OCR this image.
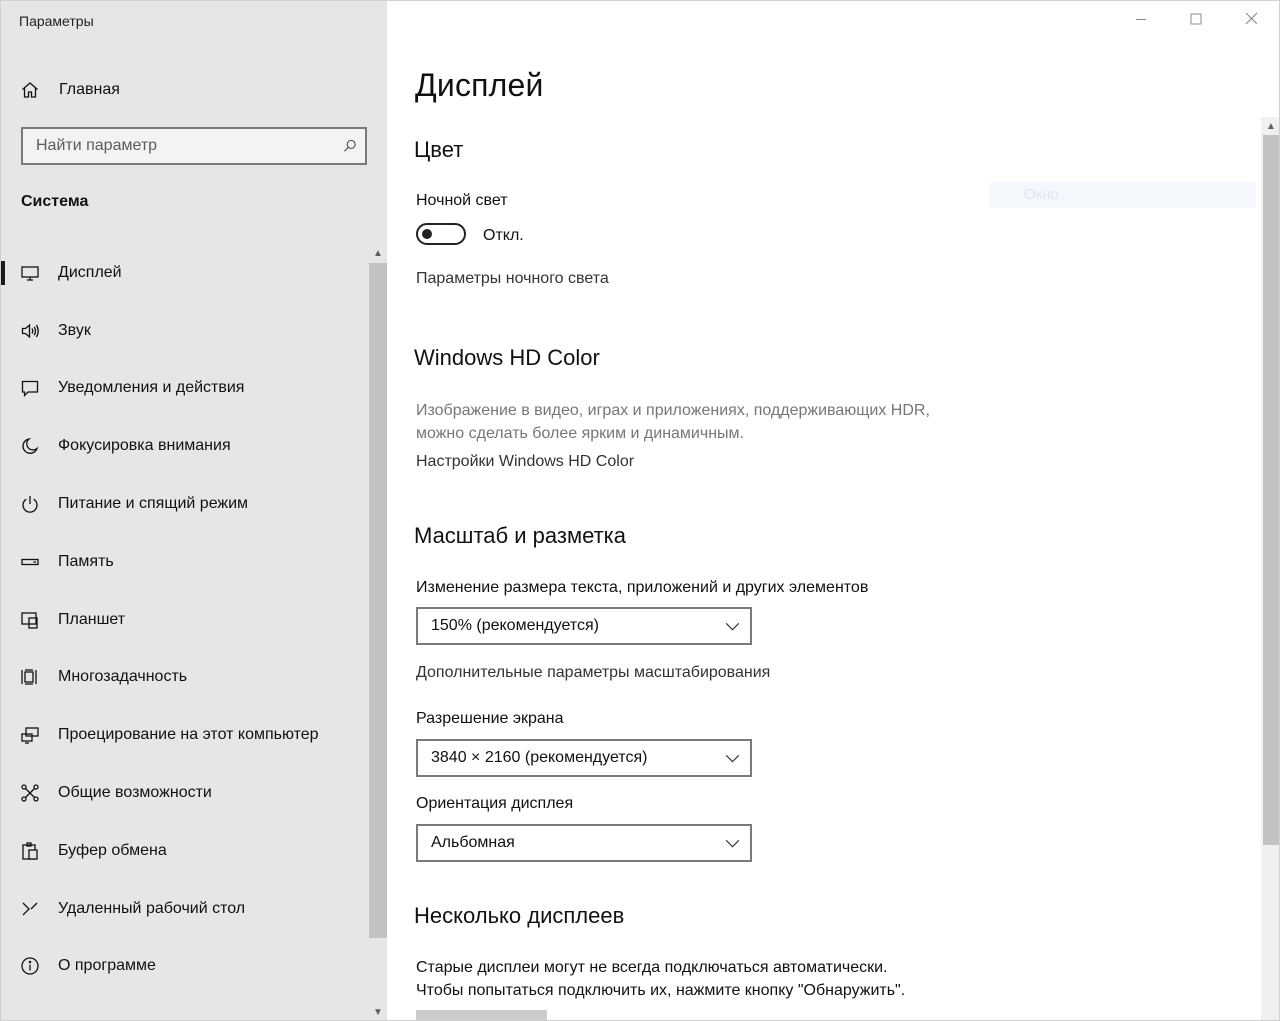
Параметры
Главная
Найти параметр
Система
Дисплей
Звук
Уведомления и действия
Фокусировка внимания
Питание и спящий режим
Память
Планшет
Многозадачность
Проецирование на этот компьютер
Общие возможности
Буфер обмена
Удаленный рабочий стол
О программе
▲
▼
Дисплей
Окно
Цвет
Ночной свет
Откл.
Параметры ночного света
Windows HD Color
Изображение в видео, играх и приложениях, поддерживающих HDR, можно сделать более ярким и динамичным.
Настройки Windows HD Color
Масштаб и разметка
Изменение размера текста, приложений и других элементов
150% (рекомендуется)
Дополнительные параметры масштабирования
Разрешение экрана
3840 × 2160 (рекомендуется)
Ориентация дисплея
Альбомная
Несколько дисплеев
Старые дисплеи могут не всегда подключаться автоматически.
Чтобы попытаться подключить их, нажмите кнопку "Обнаружить".
▲
